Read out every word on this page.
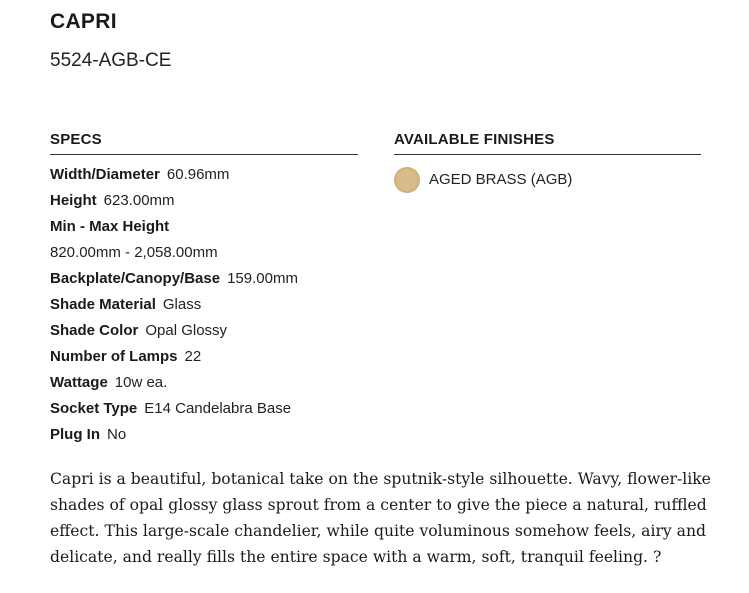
CAPRI
5524-AGB-CE
SPECS	AVAILABLE FINISHES
Width/Diameter 60.96mm
Height 623.00mm
Min - Max Height
820.00mm - 2,058.00mm
Backplate/Canopy/Base 159.00mm
Shade Material Glass
Shade Color Opal Glossy
Number of Lamps 22
Wattage 10w ea.
Socket Type E14 Candelabra Base
Plug In No
AGED BRASS (AGB)

Capri is a beautiful, botanical take on the sputnik-style silhouette. Wavy, flower-like shades of opal glossy glass sprout from a center to give the piece a natural, ruffled effect. This large-scale chandelier, while quite voluminous somehow feels, airy and delicate, and really fills the entire space with a warm, soft, tranquil feeling. ?
